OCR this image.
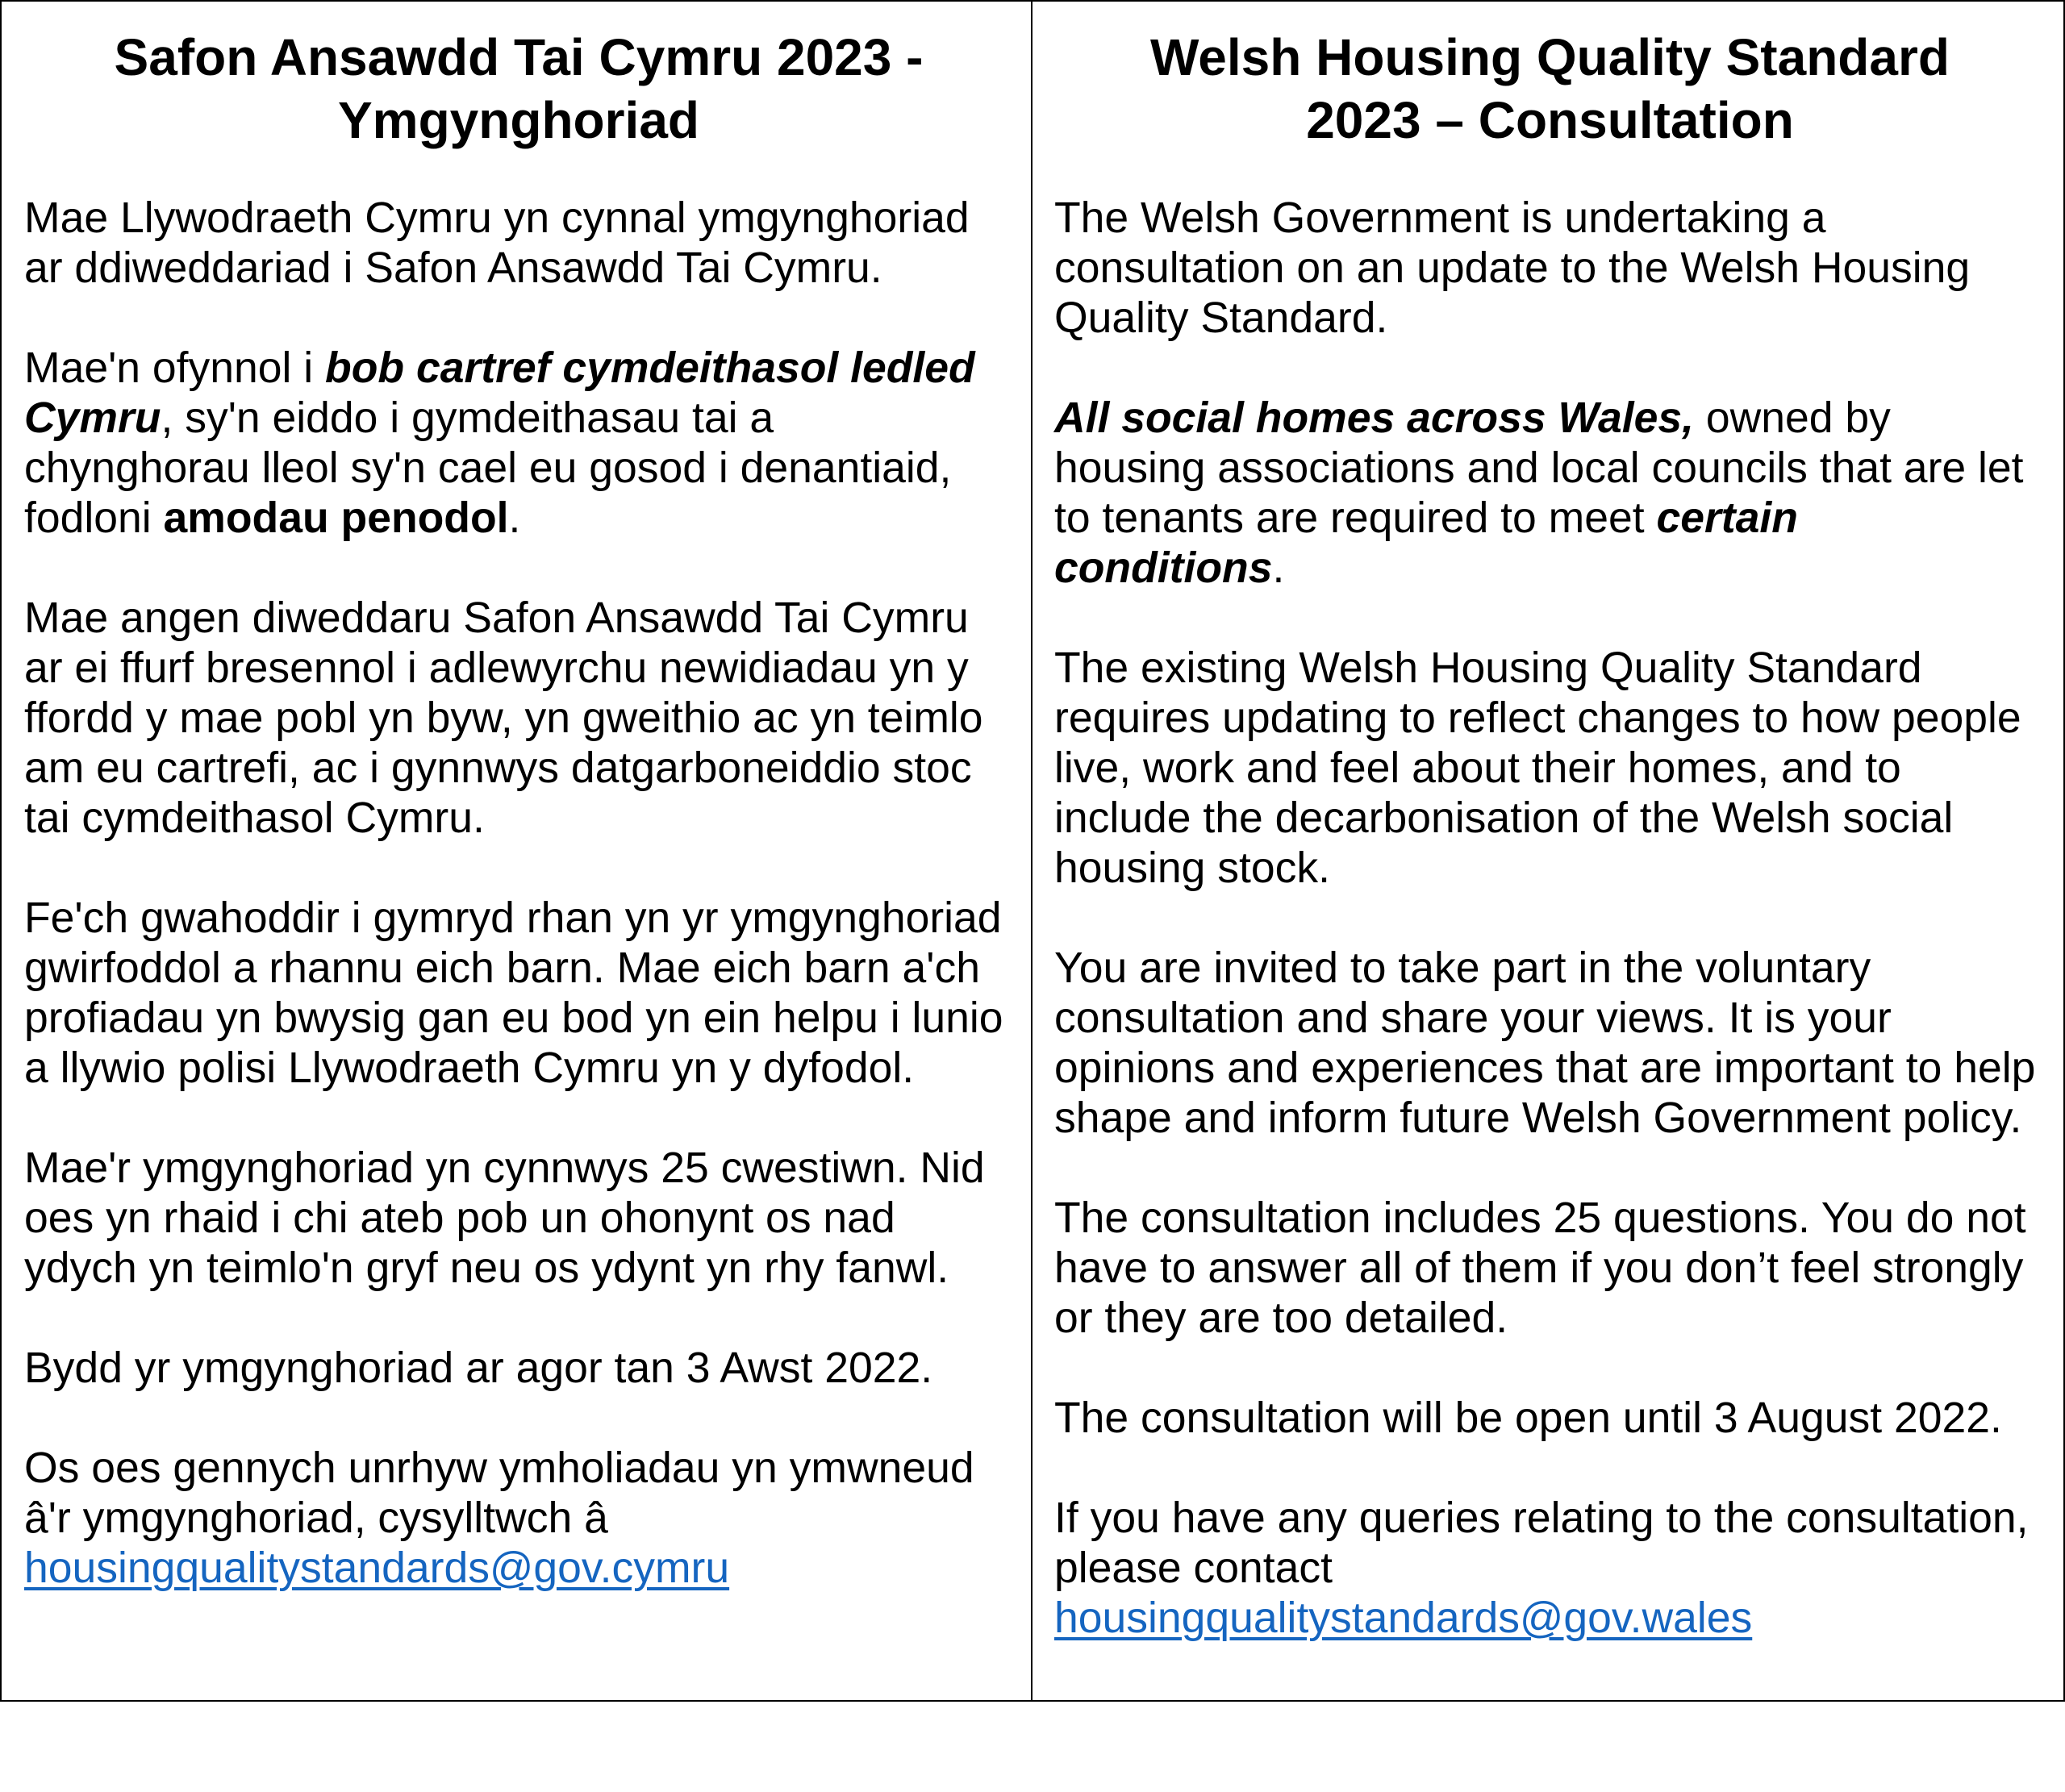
Safon Ansawdd Tai Cymru 2023 -
Ymgynghoriad

Mae Llywodraeth Cymru yn cynnal ymgynghoriad
ar ddiweddariad i Safon Ansawdd Tai Cymru.

Mae'n ofynnol i bob cartref cymdeithasol ledled
Cymru, sy'n eiddo i gymdeithasau tai a
chynghorau lleol sy'n cael eu gosod i denantiaid,
fodloni amodau penodol.

Mae angen diweddaru Safon Ansawdd Tai Cymru
ar ei ffurf bresennol i adlewyrchu newidiadau yn y
ffordd y mae pobl yn byw, yn gweithio ac yn teimlo
am eu cartrefi, ac i gynnwys datgarboneiddio stoc
tai cymdeithasol Cymru.

Fe'ch gwahoddir i gymryd rhan yn yr ymgynghoriad
gwirfoddol a rhannu eich barn. Mae eich barn a'ch
profiadau yn bwysig gan eu bod yn ein helpu i lunio
a llywio polisi Llywodraeth Cymru yn y dyfodol.

Mae'r ymgynghoriad yn cynnwys 25 cwestiwn. Nid
oes yn rhaid i chi ateb pob un ohonynt os nad
ydych yn teimlo'n gryf neu os ydynt yn rhy fanwl.

Bydd yr ymgynghoriad ar agor tan 3 Awst 2022.

Os oes gennych unrhyw ymholiadau yn ymwneud
â'r ymgynghoriad, cysylltwch â
housingqualitystandards@gov.cymru

Welsh Housing Quality Standard
2023 – Consultation

The Welsh Government is undertaking a
consultation on an update to the Welsh Housing
Quality Standard.

All social homes across Wales, owned by
housing associations and local councils that are let
to tenants are required to meet certain
conditions.

The existing Welsh Housing Quality Standard
requires updating to reflect changes to how people
live, work and feel about their homes, and to
include the decarbonisation of the Welsh social
housing stock.

You are invited to take part in the voluntary
consultation and share your views. It is your
opinions and experiences that are important to help
shape and inform future Welsh Government policy.

The consultation includes 25 questions. You do not
have to answer all of them if you don’t feel strongly
or they are too detailed.

The consultation will be open until 3 August 2022.

If you have any queries relating to the consultation,
please contact
housingqualitystandards@gov.wales
